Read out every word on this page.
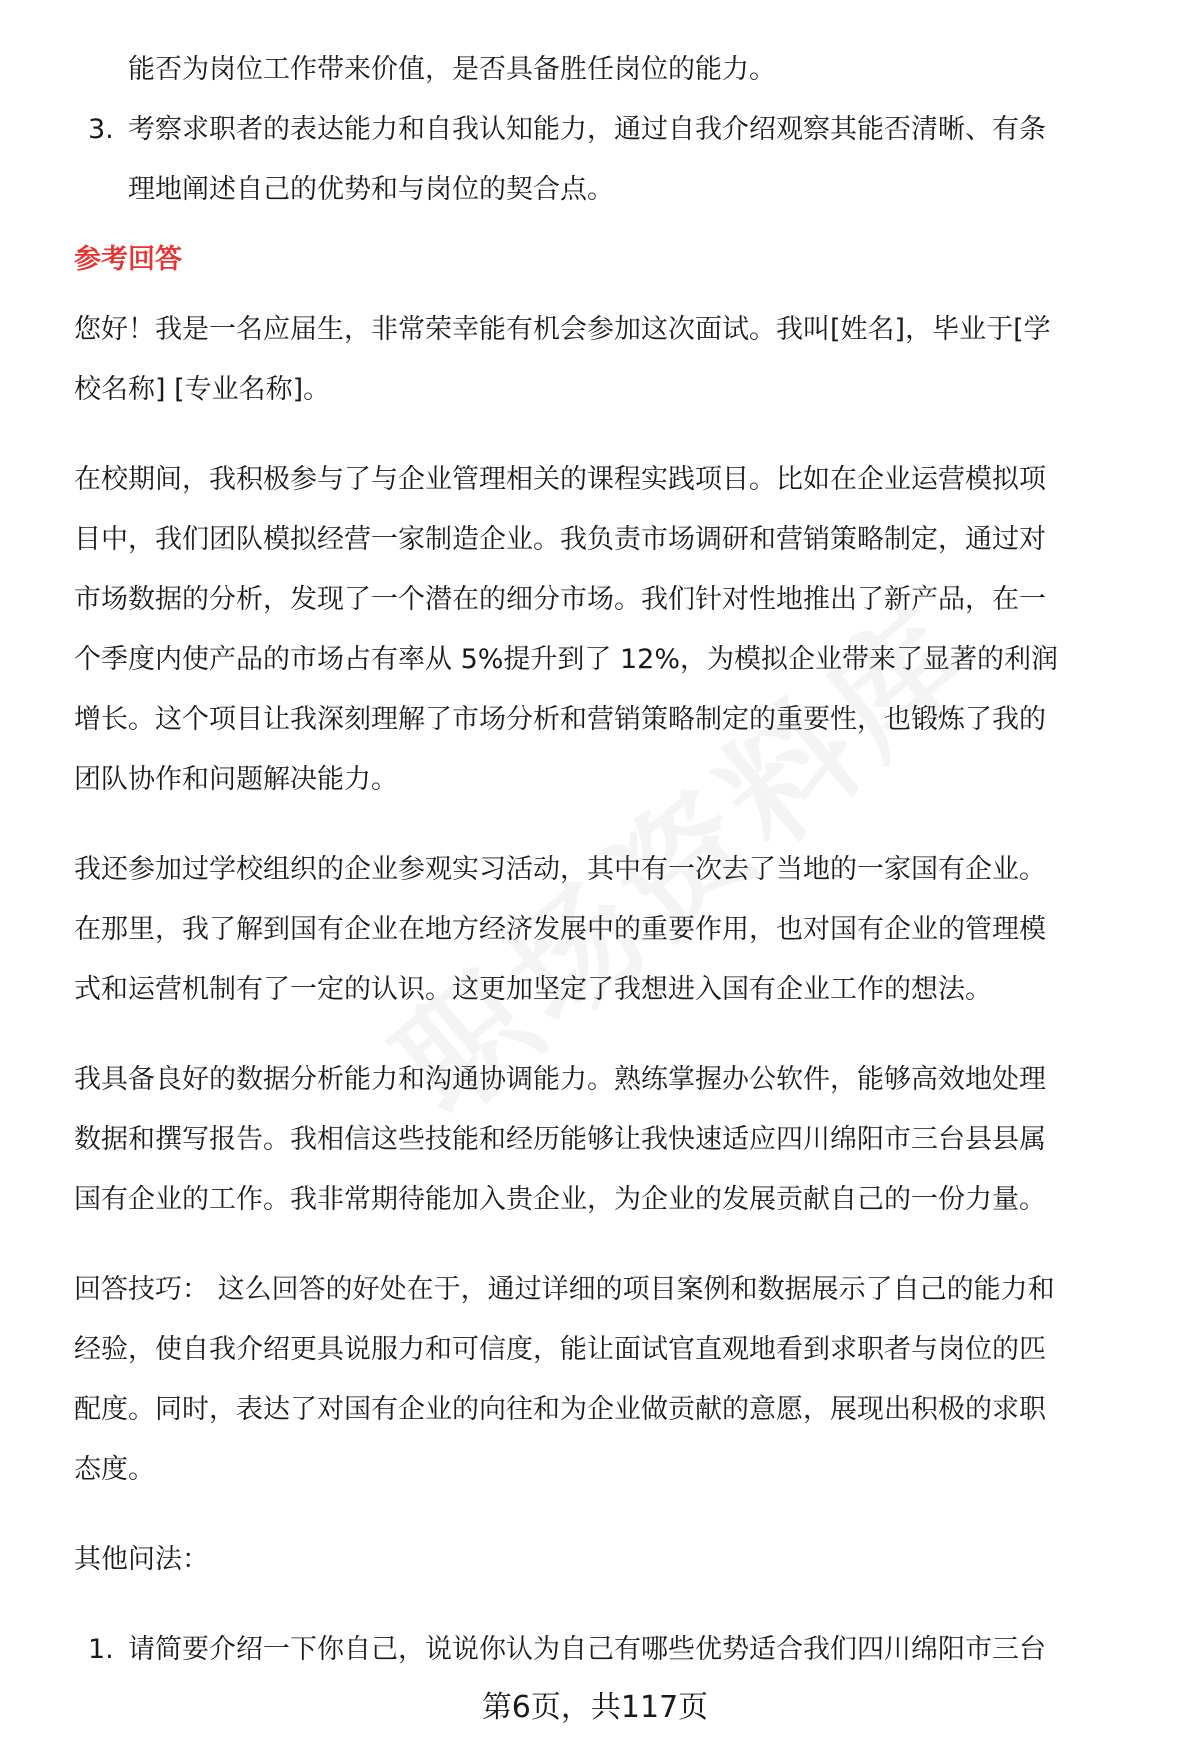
能否为岗位工作带来价值，是否具备胜任岗位的能力。

3. 考察求职者的表达能力和自我认知能力，通过自我介绍观察其能否清晰、有条
理地阐述自己的优势和与岗位的契合点。
参考回答
您好！我是一名应届生，非常荣幸能有机会参加这次面试。我叫[姓名]，毕业于[学
校名称] [专业名称]。
在校期间，我积极参与了与企业管理相关的课程实践项目。比如在企业运营模拟项
目中，我们团队模拟经营一家制造企业。我负责市场调研和营销策略制定，通过对
市场数据的分析，发现了一个潜在的细分市场。我们针对性地推出了新产品，在一
个季度内使产品的市场占有率从 5%提升到了 12%，为模拟企业带来了显著的利润
增长。这个项目让我深刻理解了市场分析和营销策略制定的重要性，也锻炼了我的
团队协作和问题解决能力。
我还参加过学校组织的企业参观实习活动，其中有一次去了当地的一家国有企业。
在那里，我了解到国有企业在地方经济发展中的重要作用，也对国有企业的管理模
式和运营机制有了一定的认识。这更加坚定了我想进入国有企业工作的想法。
我具备良好的数据分析能力和沟通协调能力。熟练掌握办公软件，能够高效地处理
数据和撰写报告。我相信这些技能和经历能够让我快速适应四川绵阳市三台县县属
国有企业的工作。我非常期待能加入贵企业，为企业的发展贡献自己的一份力量。
回答技巧： 这么回答的好处在于，通过详细的项目案例和数据展示了自己的能力和
经验，使自我介绍更具说服力和可信度，能让面试官直观地看到求职者与岗位的匹
配度。同时，表达了对国有企业的向往和为企业做贡献的意愿，展现出积极的求职
态度。
其他问法：
1. 请简要介绍一下你自己，说说你认为自己有哪些优势适合我们四川绵阳市三台
第6页，共117页
